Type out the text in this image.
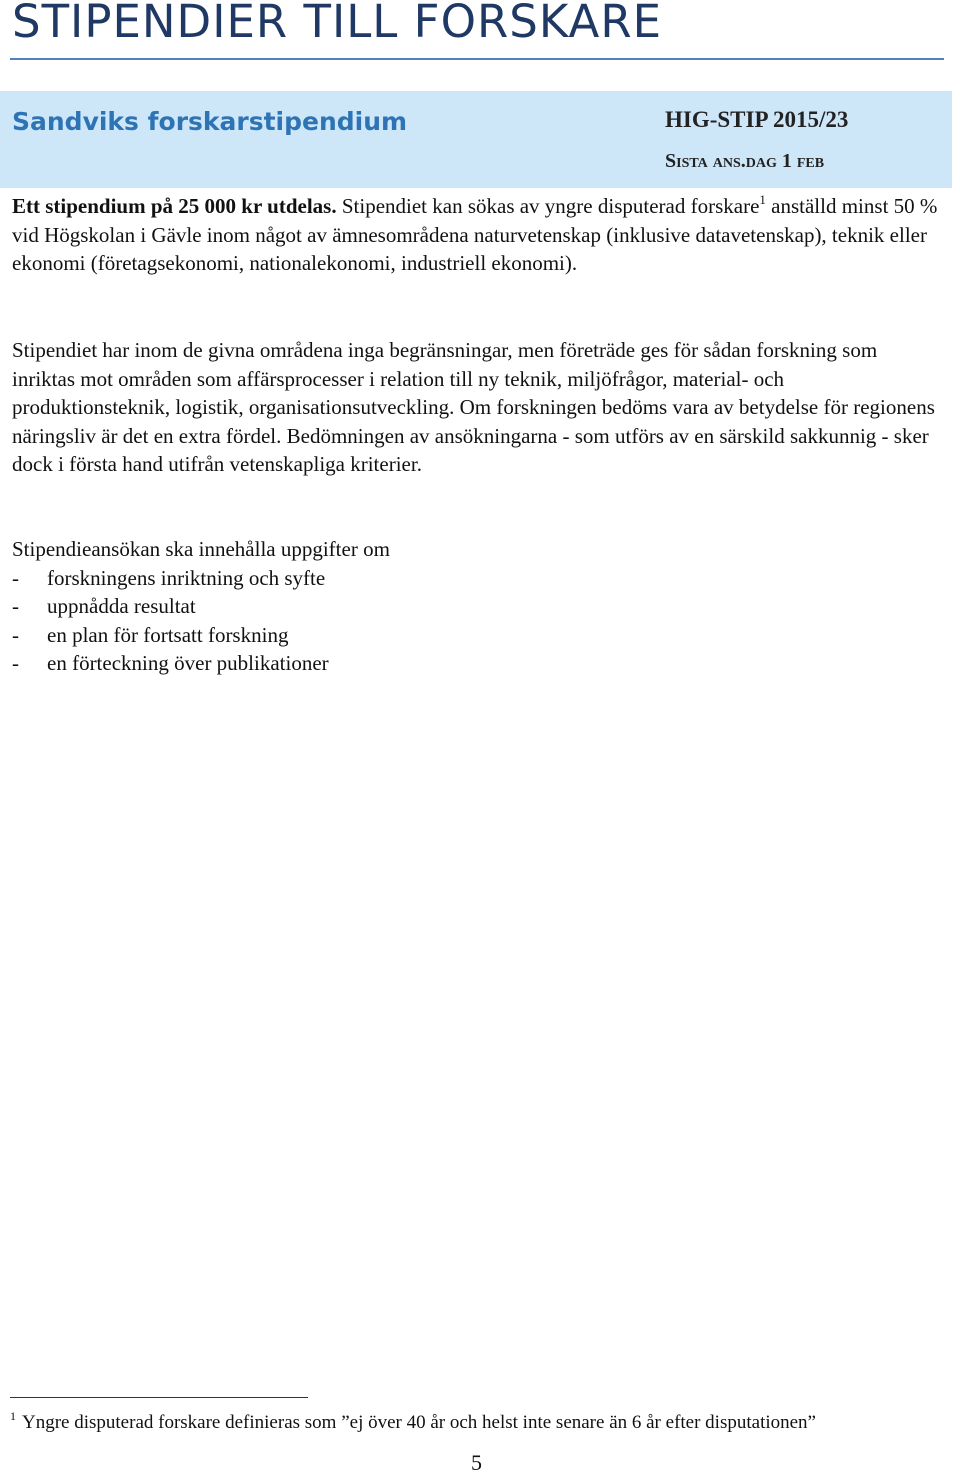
STIPENDIER TILL FORSKARE
Sandviks forskarstipendium	HIG-STIP 2015/23
Sista ans.dag 1 feb

Ett stipendium på 25 000 kr utdelas. Stipendiet kan sökas av yngre disputerad forskare$^1$ anställd minst 50 % vid Högskolan i Gävle inom något av ämnesområdena naturvetenskap (inklusive datavetenskap), teknik eller ekonomi (företagsekonomi, nationalekonomi, industriell ekonomi).

Stipendiet har inom de givna områdena inga begränsningar, men företräde ges för sådan forskning som inriktas mot områden som affärsprocesser i relation till ny teknik, miljöfrågor, material- och produktionsteknik, logistik, organisationsutveckling. Om forskningen bedöms vara av betydelse för regionens näringsliv är det en extra fördel. Bedömningen av ansökningarna - som utförs av en särskild sakkunnig - sker dock i första hand utifrån vetenskapliga kriterier.

Stipendieansökan ska innehålla uppgifter om
- forskningens inriktning och syfte
- uppnådda resultat
- en plan för fortsatt forskning
- en förteckning över publikationer
$^1$ Yngre disputerad forskare definieras som ”ej över 40 år och helst inte senare än 6 år efter disputationen”
5
